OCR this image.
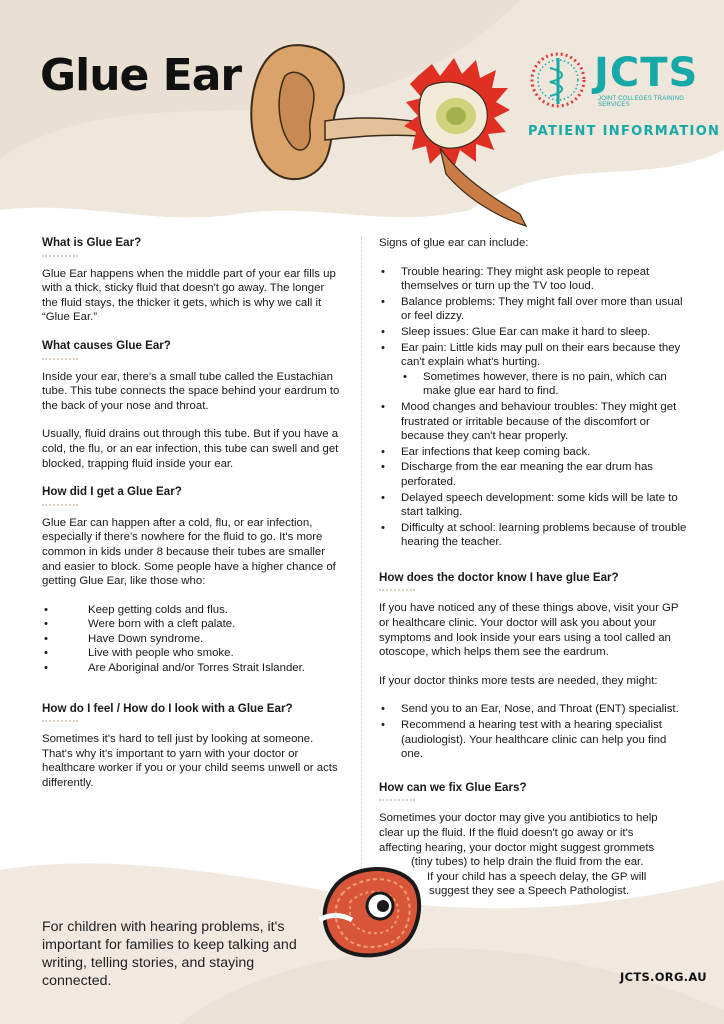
Glue Ear	JCTS
JOINT COLLEGES TRAINING SERVICES
PATIENT INFORMATION
What is Glue Ear?

Glue Ear happens when the middle part of your ear fills up with a thick, sticky fluid that doesn't go away. The longer the fluid stays, the thicker it gets, which is why we call it “Glue Ear.”

What causes Glue Ear?

Inside your ear, there's a small tube called the Eustachian tube. This tube connects the space behind your eardrum to the back of your nose and throat.

Usually, fluid drains out through this tube. But if you have a cold, the flu, or an ear infection, this tube can swell and get blocked, trapping fluid inside your ear.

How did I get a Glue Ear?

Glue Ear can happen after a cold, flu, or ear infection, especially if there's nowhere for the fluid to go. It's more common in kids under 8 because their tubes are smaller and easier to block. Some people have a higher chance of getting Glue Ear, like those who:

• Keep getting colds and flus.
• Were born with a cleft palate.
• Have Down syndrome.
• Live with people who smoke.
• Are Aboriginal and/or Torres Strait Islander.
How do I feel / How do I look with a Glue Ear?

Sometimes it's hard to tell just by looking at someone. That's why it's important to yarn with your doctor or healthcare worker if you or your child seems unwell or acts differently.

Signs of glue ear can include:

• Trouble hearing: They might ask people to repeat themselves or turn up the TV too loud.
• Balance problems: They might fall over more than usual or feel dizzy.
• Sleep issues: Glue Ear can make it hard to sleep.
• Ear pain: Little kids may pull on their ears because they can't explain what's hurting.
• Sometimes however, there is no pain, which can make glue ear hard to find.
• Mood changes and behaviour troubles: They might get frustrated or irritable because of the discomfort or because they can't hear properly.
• Ear infections that keep coming back.
• Discharge from the ear meaning the ear drum has perforated.
• Delayed speech development: some kids will be late to start talking.
• Difficulty at school: learning problems because of trouble hearing the teacher.
How does the doctor know I have glue Ear?

If you have noticed any of these things above, visit your GP or healthcare clinic. Your doctor will ask you about your symptoms and look inside your ears using a tool called an otoscope, which helps them see the eardrum.

If your doctor thinks more tests are needed, they might:

• Send you to an Ear, Nose, and Throat (ENT) specialist.
• Recommend a hearing test with a hearing specialist (audiologist). Your healthcare clinic can help you find one.
How can we fix Glue Ears?

Sometimes your doctor may give you antibiotics to help

clear up the fluid. If the fluid doesn't go away or it's

affecting hearing, your doctor might suggest grommets

(tiny tubes) to help drain the fluid from the ear.

If your child has a speech delay, the GP will

suggest they see a Speech Pathologist.

For children with hearing problems, it's important for families to keep talking and writing, telling stories, and staying connected.	JCTS.ORG.AU
